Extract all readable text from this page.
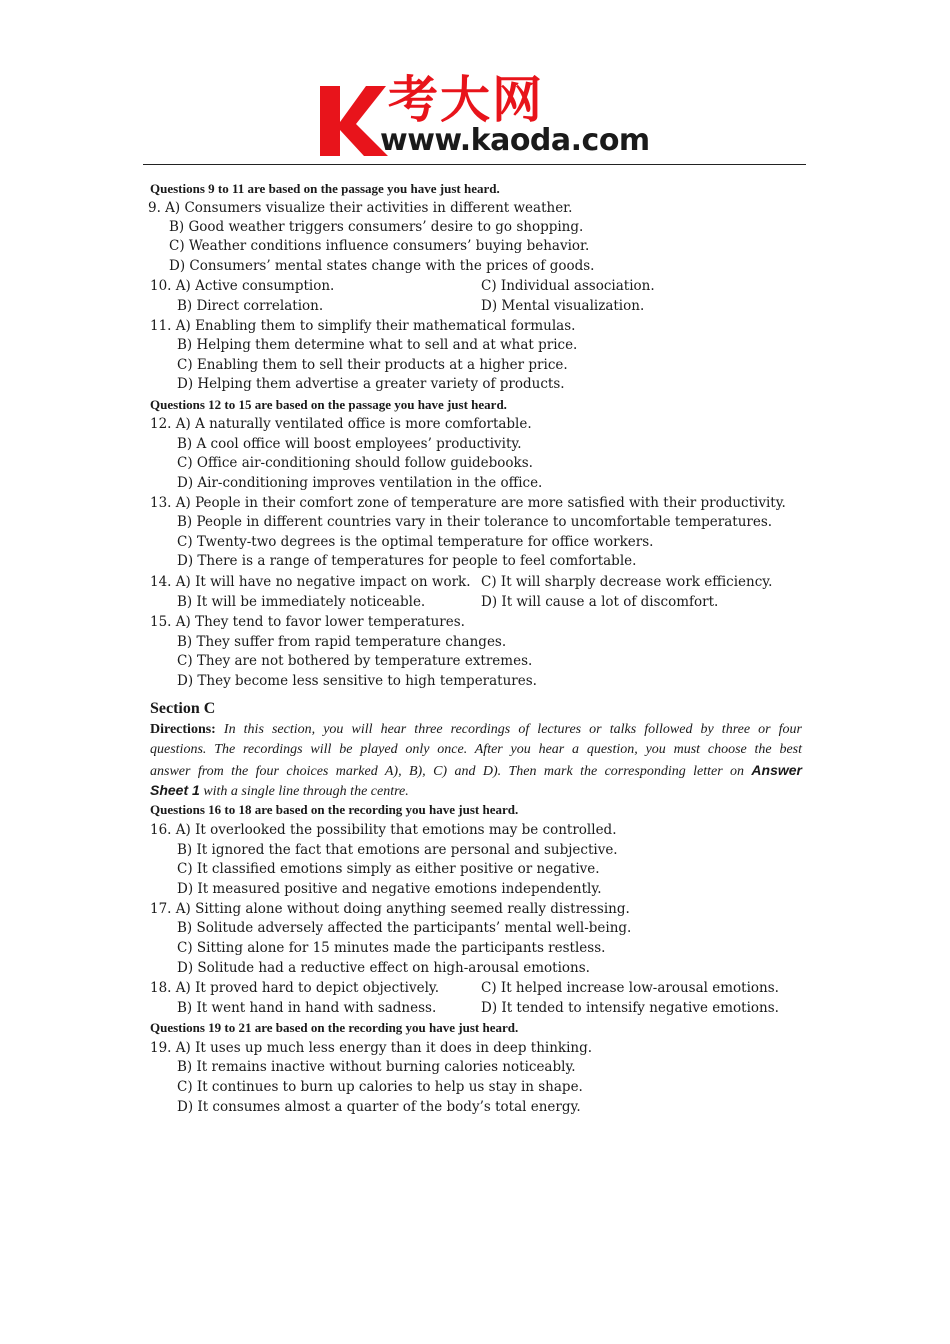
考大网
www.kaoda.com
Questions 9 to 11 are based on the passage you have just heard.
9. A) Consumers visualize their activities in different weather.
B) Good weather triggers consumers’ desire to go shopping.
C) Weather conditions influence consumers’ buying behavior.
D) Consumers’ mental states change with the prices of goods.
10. A) Active consumption.	C) Individual association.
B) Direct correlation.	D) Mental visualization.
11. A) Enabling them to simplify their mathematical formulas.
B) Helping them determine what to sell and at what price.
C) Enabling them to sell their products at a higher price.
D) Helping them advertise a greater variety of products.
Questions 12 to 15 are based on the passage you have just heard.
12. A) A naturally ventilated office is more comfortable.
B) A cool office will boost employees’ productivity.
C) Office air-conditioning should follow guidebooks.
D) Air-conditioning improves ventilation in the office.
13. A) People in their comfort zone of temperature are more satisfied with their productivity.
B) People in different countries vary in their tolerance to uncomfortable temperatures.
C) Twenty-two degrees is the optimal temperature for office workers.
D) There is a range of temperatures for people to feel comfortable.
14. A) It will have no negative impact on work. C) It will sharply decrease work efficiency.
B) It will be immediately noticeable.	D) It will cause a lot of discomfort.
15. A) They tend to favor lower temperatures.
B) They suffer from rapid temperature changes.
C) They are not bothered by temperature extremes.
D) They become less sensitive to high temperatures.
Section C
Directions: In this section, you will hear three recordings of lectures or talks followed by three or four
questions. The recordings will be played only once. After you hear a question, you must choose the best
answer from the four choices marked A), B), C) and D). Then mark the corresponding letter on Answer
Sheet 1 with a single line through the centre.
Questions 16 to 18 are based on the recording you have just heard.
16. A) It overlooked the possibility that emotions may be controlled.
B) It ignored the fact that emotions are personal and subjective.
C) It classified emotions simply as either positive or negative.
D) It measured positive and negative emotions independently.
17. A) Sitting alone without doing anything seemed really distressing.
B) Solitude adversely affected the participants’ mental well-being.
C) Sitting alone for 15 minutes made the participants restless.
D) Solitude had a reductive effect on high-arousal emotions.
18. A) It proved hard to depict objectively.	C) It helped increase low-arousal emotions.
B) It went hand in hand with sadness.	D) It tended to intensify negative emotions.
Questions 19 to 21 are based on the recording you have just heard.
19. A) It uses up much less energy than it does in deep thinking.
B) It remains inactive without burning calories noticeably.
C) It continues to burn up calories to help us stay in shape.
D) It consumes almost a quarter of the body’s total energy.
